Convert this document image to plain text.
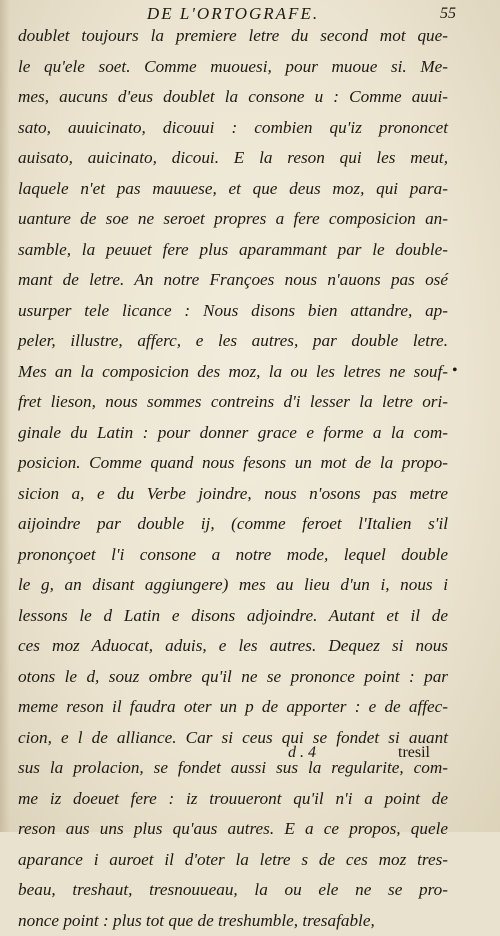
DE L'ORTOGRAFE.	55
doublet toujours la premiere letre du second mot que-
le qu'ele soet. Comme muouesi, pour muoue si. Me-
mes, aucuns d'eus doublet la consone u : Comme auui-
sato, auuicinato, dicouui : combien qu'iz prononcet
auisato, auicinato, dicoui. E la reson qui les meut,
laquele n'et pas mauuese, et que deus moz, qui para-
uanture de soe ne seroet propres a fere composicion an-
samble, la peuuet fere plus aparammant par le double-
mant de letre. An notre Françoes nous n'auons pas osé
usurper tele licance : Nous disons bien attandre, ap-
peler, illustre, afferc, e les autres, par double letre.
Mes an la composicion des moz, la ou les letres ne souf-
fret lieson, nous sommes contreins d'i lesser la letre ori-
ginale du Latin : pour donner grace e forme a la com-
posicion. Comme quand nous fesons un mot de la propo-
sicion a, e du Verbe joindre, nous n'osons pas metre
aijoindre par double ij, (comme feroet l'Italien s'il
prononçoet l'i consone a notre mode, lequel double
le g, an disant aggiungere) mes au lieu d'un i, nous i
lessons le d Latin e disons adjoindre. Autant et il de
ces moz Aduocat, aduis, e les autres. Dequez si nous
otons le d, souz ombre qu'il ne se prononce point : par
meme reson il faudra oter un p de apporter : e de affec-
cion, e l de alliance. Car si ceus qui se fondet si auant
sus la prolacion, se fondet aussi sus la regularite, com-
me iz doeuet fere : iz trouueront qu'il n'i a point de
reson aus uns plus qu'aus autres. E a ce propos, quele
aparance i auroet il d'oter la letre s de ces moz tres-
beau, treshaut, tresnouueau, la ou ele ne se pro-
nonce point : plus tot que de treshumble, tresafable,
•
d . 4	tresil
